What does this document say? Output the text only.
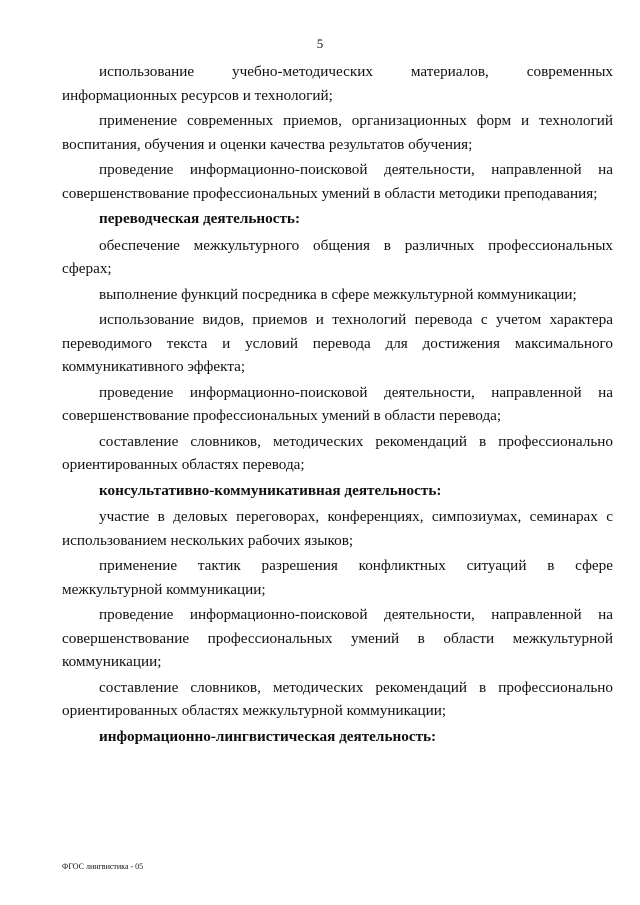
5

использование учебно-методических материалов, современных информационных ресурсов и технологий;

применение современных приемов, организационных форм и технологий воспитания, обучения и оценки качества результатов обучения;

проведение информационно-поисковой деятельности, направленной на совершенствование профессиональных умений в области методики преподавания;

переводческая деятельность:

обеспечение межкультурного общения в различных профессиональных сферах;

выполнение функций посредника в сфере межкультурной коммуникации;

использование видов, приемов и технологий перевода с учетом характера переводимого текста и условий перевода для достижения максимального коммуникативного эффекта;

проведение информационно-поисковой деятельности, направленной на совершенствование профессиональных умений в области перевода;

составление словников, методических рекомендаций в профессионально ориентированных областях перевода;

консультативно-коммуникативная деятельность:

участие в деловых переговорах, конференциях, симпозиумах, семинарах с использованием нескольких рабочих языков;

применение тактик разрешения конфликтных ситуаций в сфере межкультурной коммуникации;

проведение информационно-поисковой деятельности, направленной на совершенствование профессиональных умений в области межкультурной коммуникации;

составление словников, методических рекомендаций в профессионально ориентированных областях межкультурной коммуникации;

информационно-лингвистическая деятельность:

ФГОС лингвистика - 05
